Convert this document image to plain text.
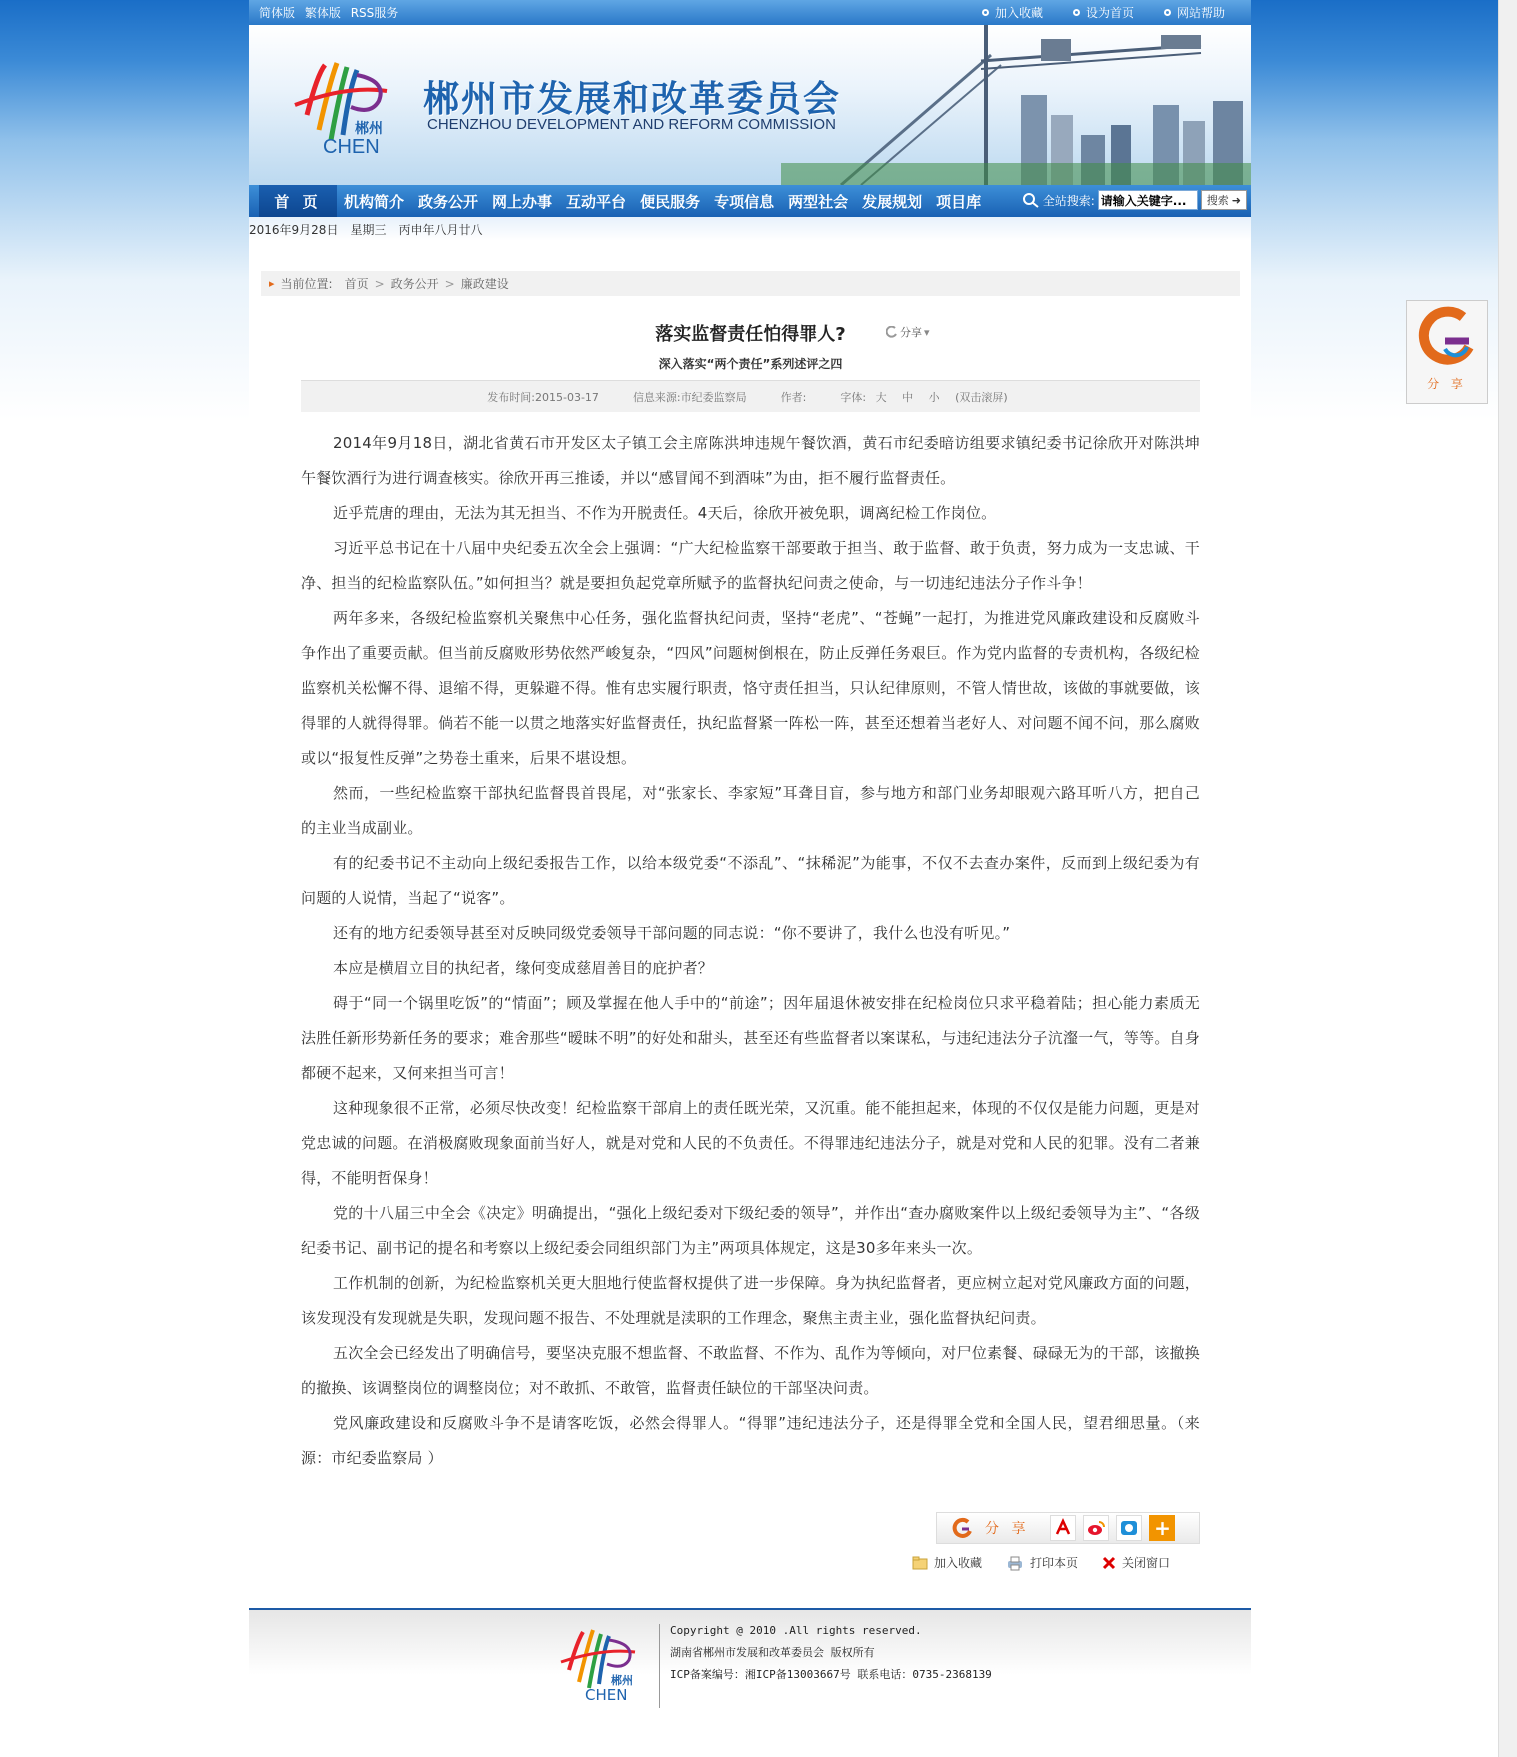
简体版 繁体版 RSS服务	加入收藏	设为首页	网站帮助
郴州
CHEN
郴州市发展和改革委员会
CHENZHOU DEVELOPMENT AND REFORM COMMISSION
首 页	机构简介 政务公开 网上办事 互动平台 便民服务 专项信息 两型社会 发展规划 项目库	全站搜索:
请输入关键字...	搜索 ➜
2016年9月28日 星期三 丙申年八月廿八
▸ 当前位置: 首页 > 政务公开 > 廉政建设
落实监督责任怕得罪人?	分享 ▾
深入落实“两个责任”系列述评之四
发布时间:2015-03-17	信息来源:市纪委监察局	作者:	字体: 大 中 小 (双击滚屏)

2014年9月18日，湖北省黄石市开发区太子镇工会主席陈洪坤违规午餐饮酒，黄石市纪委暗访组要求镇纪委书记徐欣开对陈洪坤午餐饮酒行为进行调查核实。徐欣开再三推诿，并以“感冒闻不到酒味”为由，拒不履行监督责任。

近乎荒唐的理由，无法为其无担当、不作为开脱责任。4天后，徐欣开被免职，调离纪检工作岗位。

习近平总书记在十八届中央纪委五次全会上强调：“广大纪检监察干部要敢于担当、敢于监督、敢于负责，努力成为一支忠诚、干净、担当的纪检监察队伍。”如何担当？就是要担负起党章所赋予的监督执纪问责之使命，与一切违纪违法分子作斗争！

两年多来，各级纪检监察机关聚焦中心任务，强化监督执纪问责，坚持“老虎”、“苍蝇”一起打，为推进党风廉政建设和反腐败斗争作出了重要贡献。但当前反腐败形势依然严峻复杂，“四风”问题树倒根在，防止反弹任务艰巨。作为党内监督的专责机构，各级纪检监察机关松懈不得、退缩不得，更躲避不得。惟有忠实履行职责，恪守责任担当，只认纪律原则，不管人情世故，该做的事就要做，该得罪的人就得得罪。倘若不能一以贯之地落实好监督责任，执纪监督紧一阵松一阵，甚至还想着当老好人、对问题不闻不问，那么腐败或以“报复性反弹”之势卷土重来，后果不堪设想。

然而，一些纪检监察干部执纪监督畏首畏尾，对“张家长、李家短”耳聋目盲，参与地方和部门业务却眼观六路耳听八方，把自己的主业当成副业。

有的纪委书记不主动向上级纪委报告工作，以给本级党委“不添乱”、“抹稀泥”为能事，不仅不去查办案件，反而到上级纪委为有问题的人说情，当起了“说客”。

还有的地方纪委领导甚至对反映同级党委领导干部问题的同志说：“你不要讲了，我什么也没有听见。”

本应是横眉立目的执纪者，缘何变成慈眉善目的庇护者？

碍于“同一个锅里吃饭”的“情面”；顾及掌握在他人手中的“前途”；因年届退休被安排在纪检岗位只求平稳着陆；担心能力素质无法胜任新形势新任务的要求；难舍那些“暧昧不明”的好处和甜头，甚至还有些监督者以案谋私，与违纪违法分子沆瀣一气，等等。自身都硬不起来，又何来担当可言！

这种现象很不正常，必须尽快改变！纪检监察干部肩上的责任既光荣，又沉重。能不能担起来，体现的不仅仅是能力问题，更是对党忠诚的问题。在消极腐败现象面前当好人，就是对党和人民的不负责任。不得罪违纪违法分子，就是对党和人民的犯罪。没有二者兼得，不能明哲保身！

党的十八届三中全会《决定》明确提出，“强化上级纪委对下级纪委的领导”，并作出“查办腐败案件以上级纪委领导为主”、“各级纪委书记、副书记的提名和考察以上级纪委会同组织部门为主”两项具体规定，这是30多年来头一次。

工作机制的创新，为纪检监察机关更大胆地行使监督权提供了进一步保障。身为执纪监督者，更应树立起对党风廉政方面的问题，该发现没有发现就是失职，发现问题不报告、不处理就是渎职的工作理念，聚焦主责主业，强化监督执纪问责。

五次全会已经发出了明确信号，要坚决克服不想监督、不敢监督、不作为、乱作为等倾向，对尸位素餐、碌碌无为的干部，该撤换的撤换、该调整岗位的调整岗位；对不敢抓、不敢管，监督责任缺位的干部坚决问责。

党风廉政建设和反腐败斗争不是请客吃饭，必然会得罪人。“得罪”违纪违法分子，还是得罪全党和全国人民，望君细思量。（来源：市纪委监察局 ）

分 享	+
加入收藏	打印本页	关闭窗口
郴州
CHEN
Copyright @ 2010 .All rights reserved.
湖南省郴州市发展和改革委员会 版权所有
ICP备案编号：湘ICP备13003667号 联系电话：0735-2368139
分 享
